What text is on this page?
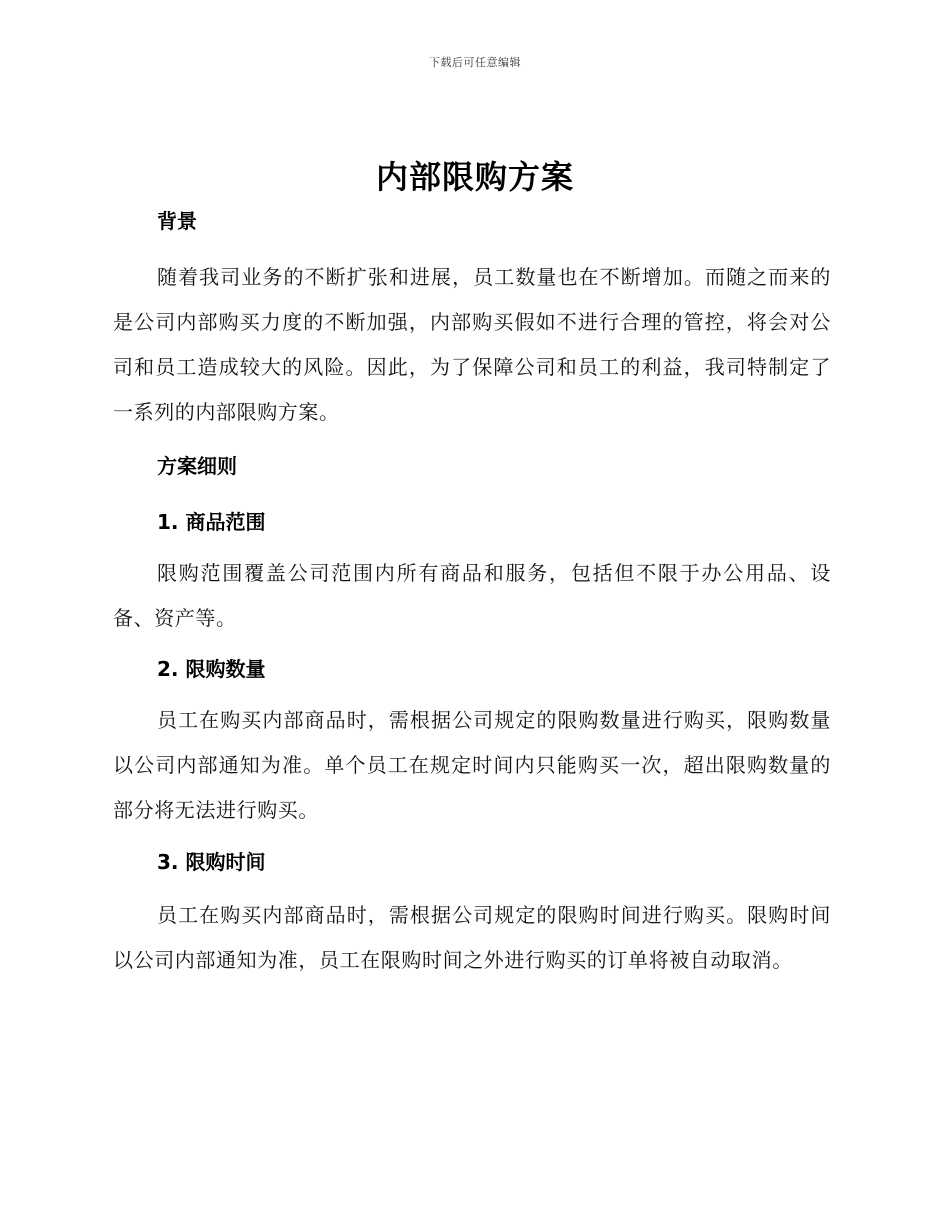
下载后可任意编辑
内部限购方案
背景

随着我司业务的不断扩张和进展，员工数量也在不断增加。而随之而来的是公司内部购买力度的不断加强，内部购买假如不进行合理的管控，将会对公司和员工造成较大的风险。因此，为了保障公司和员工的利益，我司特制定了一系列的内部限购方案。

方案细则
1. 商品范围

限购范围覆盖公司范围内所有商品和服务，包括但不限于办公用品、设备、资产等。

2. 限购数量

员工在购买内部商品时，需根据公司规定的限购数量进行购买，限购数量以公司内部通知为准。单个员工在规定时间内只能购买一次，超出限购数量的部分将无法进行购买。

3. 限购时间

员工在购买内部商品时，需根据公司规定的限购时间进行购买。限购时间以公司内部通知为准，员工在限购时间之外进行购买的订单将被自动取消。
